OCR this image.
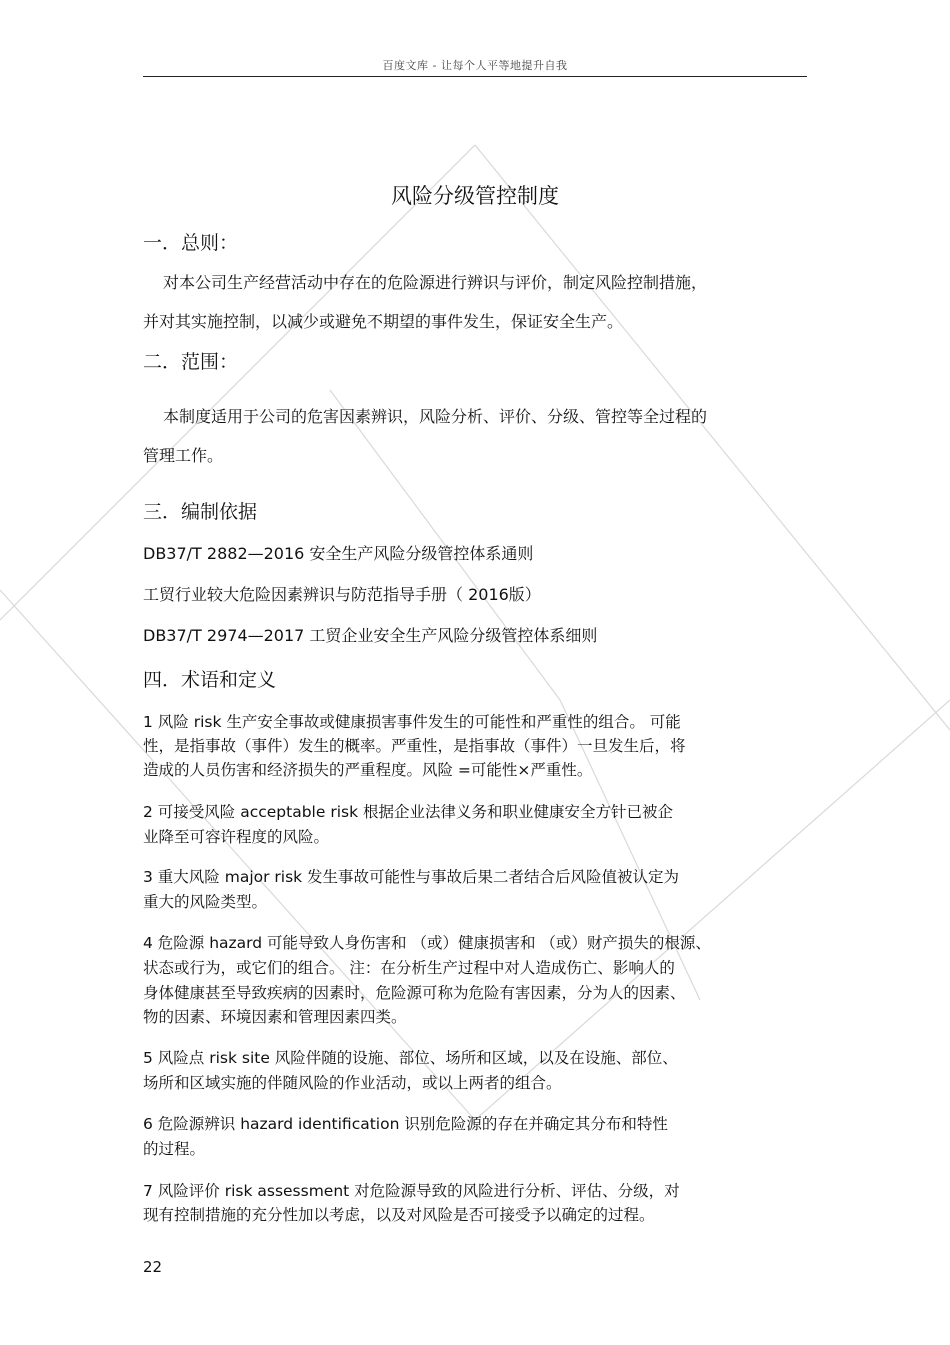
百度文库 - 让每个人平等地提升自我
风险分级管控制度
一．总则：
对本公司生产经营活动中存在的危险源进行辨识与评价，制定风险控制措施，
并对其实施控制，以减少或避免不期望的事件发生，保证安全生产。
二．范围：
本制度适用于公司的危害因素辨识，风险分析、评价、分级、管控等全过程的
管理工作。
三．编制依据
DB37/T 2882—2016 安全生产风险分级管控体系通则
工贸行业较大危险因素辨识与防范指导手册（ 2016版）
DB37/T 2974—2017 工贸企业安全生产风险分级管控体系细则
四．术语和定义
1 风险 risk 生产安全事故或健康损害事件发生的可能性和严重性的组合。 可能
性，是指事故（事件）发生的概率。严重性，是指事故（事件）一旦发生后，将
造成的人员伤害和经济损失的严重程度。风险 =可能性×严重性。
2 可接受风险 acceptable risk 根据企业法律义务和职业健康安全方针已被企
业降至可容许程度的风险。
3 重大风险 major risk 发生事故可能性与事故后果二者结合后风险值被认定为
重大的风险类型。
4 危险源 hazard 可能导致人身伤害和 （或）健康损害和 （或）财产损失的根源、
状态或行为，或它们的组合。 注：在分析生产过程中对人造成伤亡、影响人的
身体健康甚至导致疾病的因素时，危险源可称为危险有害因素，分为人的因素、
物的因素、环境因素和管理因素四类。
5 风险点 risk site 风险伴随的设施、部位、场所和区域，以及在设施、部位、
场所和区域实施的伴随风险的作业活动，或以上两者的组合。
6 危险源辨识 hazard identification 识别危险源的存在并确定其分布和特性
的过程。
7 风险评价 risk assessment 对危险源导致的风险进行分析、评估、分级，对
现有控制措施的充分性加以考虑，以及对风险是否可接受予以确定的过程。
22
